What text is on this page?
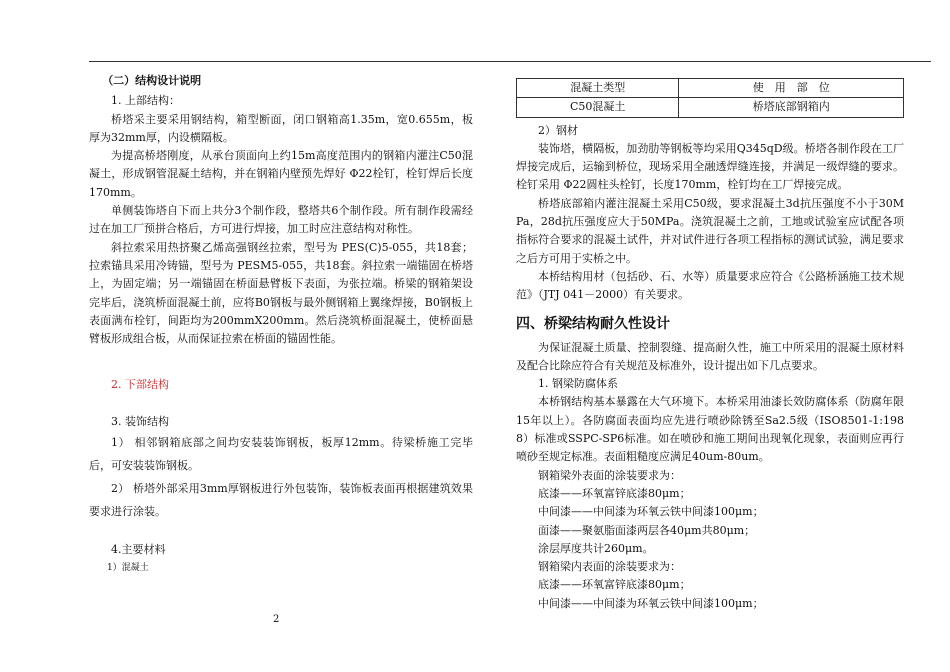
（二）结构设计说明

1. 上部结构：

桥塔采主要采用钢结构，箱型断面，闭口钢箱高1.35m，宽0.655m，板厚为32mm厚，内设横隔板。

为提高桥塔刚度，从承台顶面向上约15m高度范围内的钢箱内灌注C50混凝土，形成钢管混凝土结构，并在钢箱内壁预先焊好 Φ22栓钉，栓钉焊后长度170mm。

单侧装饰塔自下而上共分3个制作段，整塔共6个制作段。所有制作段需经过在加工厂预拼合格后，方可进行焊接，加工时应注意结构对称性。

斜拉索采用热挤聚乙烯高强钢丝拉索，型号为 PES(C)5-055，共18套；拉索锚具采用冷铸锚，型号为 PESM5-055，共18套。斜拉索一端锚固在桥塔上，为固定端；另一端锚固在桥面悬臂板下表面，为张拉端。桥梁的钢箱架设完毕后，浇筑桥面混凝土前，应将B0钢板与最外侧钢箱上翼缘焊接，B0钢板上表面满布栓钉，间距均为200mmX200mm。然后浇筑桥面混凝土，使桥面悬臂板形成组合板，从而保证拉索在桥面的锚固性能。

2. 下部结构

3. 装饰结构

1） 相邻钢箱底部之间均安装装饰钢板，板厚12mm。待梁桥施工完毕后，可安装装饰钢板。

2） 桥塔外部采用3mm厚钢板进行外包装饰，装饰板表面再根据建筑效果要求进行涂装。

4.主要材料

1）混凝土

混凝土类型	使　用　部　位
C50混凝土	桥塔底部钢箱内

2）钢材

装饰塔，横隔板，加劲肋等钢板等均采用Q345qD级。桥塔各制作段在工厂焊接完成后，运输到桥位，现场采用全融透焊缝连接，并满足一级焊缝的要求。栓钉采用 Φ22圆柱头栓钉，长度170mm，栓钉均在工厂焊接完成。

桥塔底部箱内灌注混凝土采用C50级，要求混凝土3d抗压强度不小于30MPa，28d抗压强度应大于50MPa。浇筑混凝土之前，工地或试验室应试配各项指标符合要求的混凝土试件，并对试件进行各项工程指标的测试试验，满足要求之后方可用于实桥之中。

本桥结构用材（包括砂、石、水等）质量要求应符合《公路桥涵施工技术规范》（JTJ 041－2000）有关要求。

四、桥梁结构耐久性设计

为保证混凝土质量、控制裂缝、提高耐久性，施工中所采用的混凝土原材料及配合比除应符合有关规范及标准外，设计提出如下几点要求。

1. 钢梁防腐体系

本桥钢结构基本暴露在大气环境下。本桥采用油漆长效防腐体系（防腐年限15年以上）。各防腐面表面均应先进行喷砂除锈至Sa2.5级（ISO8501-1:1988）标准或SSPC-SP6标准。如在喷砂和施工期间出现氧化现象，表面则应再行喷砂至规定标准。表面粗糙度应满足40um-80um。

钢箱梁外表面的涂装要求为：

底漆——环氧富锌底漆80μm；

中间漆——中间漆为环氧云铁中间漆100μm；

面漆——聚氨脂面漆两层各40μm共80μm；

涂层厚度共计260μm。

钢箱梁内表面的涂装要求为：

底漆——环氧富锌底漆80μm；

中间漆——中间漆为环氧云铁中间漆100μm；

2
